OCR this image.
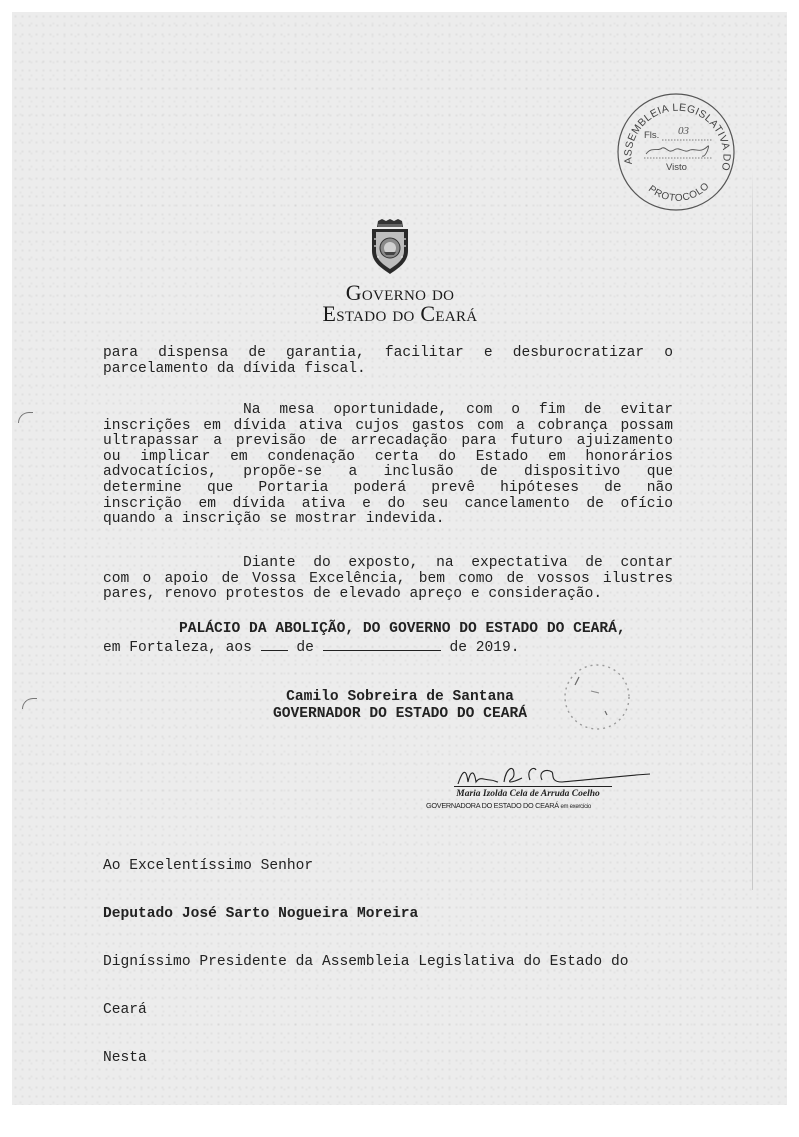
ASSEMBLEIA LEGISLATIVA DO
PROTOCOLO
Fls. 03
Visto
Governo do
Estado do Ceará
para dispensa de garantia, facilitar e desburocratizar o
parcelamento da dívida fiscal.
Na mesa oportunidade, com o fim de evitar
inscrições em dívida ativa cujos gastos com a cobrança possam
ultrapassar a previsão de arrecadação para futuro ajuizamento
ou implicar em condenação certa do Estado em honorários
advocatícios, propõe-se a inclusão de dispositivo que
determine que Portaria poderá prevê hipóteses de não
inscrição em dívida ativa e do seu cancelamento de ofício
quando a inscrição se mostrar indevida.
Diante do exposto, na expectativa de contar
com o apoio de Vossa Excelência, bem como de vossos ilustres
pares, renovo protestos de elevado apreço e consideração.
PALÁCIO DA ABOLIÇÃO, DO GOVERNO DO ESTADO DO CEARÁ,
em Fortaleza, aos	de	de 2019.
Camilo Sobreira de Santana
GOVERNADOR DO ESTADO DO CEARÁ
Maria Izolda Cela de Arruda Coelho
GOVERNADORA DO ESTADO DO CEARÁ em exercício

Ao Excelentíssimo Senhor

Deputado José Sarto Nogueira Moreira

Digníssimo Presidente da Assembleia Legislativa do Estado do

Ceará

Nesta
